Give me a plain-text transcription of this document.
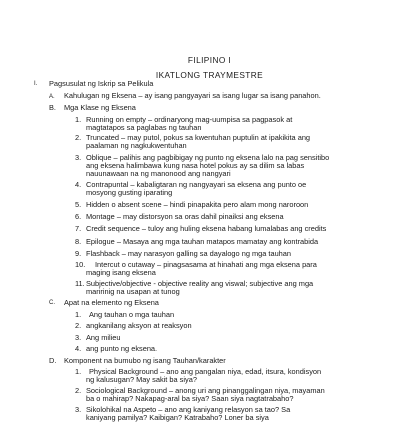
FILIPINO I
IKATLONG TRAYMESTRE
I. Pagsusulat ng Iskrip sa Pelikula
A. Kahulugan ng Eksena – ay isang pangyayari sa isang lugar sa isang panahon.
B. Mga Klase ng Eksena
1. Running on empty – ordinaryong mag-uumpisa sa pagpasok at
magtatapos sa paglabas ng tauhan
2. Truncated – may putol, pokus sa kwentuhan puptulin at ipakikita ang
paalaman ng nagkukwentuhan
3. Oblique – palihis ang pagbibigay ng punto ng eksena lalo na pag sensitibo
ang eksena halimbawa kung nasa hotel pokus ay sa dilim sa labas
nauunawaan na ng manonood ang nangyari
4. Contrapuntal – kabaligtaran ng nangyayari sa eksena ang punto oe
mosyong gusting iparating
5. Hidden o absent scene – hindi pinapakita pero alam mong naroroon
6. Montage – may distorsyon sa oras dahil pinaiksi ang eksena
7. Credit sequence – tuloy ang huling eksena habang lumalabas ang credits
8. Epilogue – Masaya ang mga tauhan matapos mamatay ang kontrabida
9. Flashback – may narasyon galling sa dayalogo ng mga tauhan
10. Intercut o cutaway – pinagsasama at hinahati ang mga eksena para
maging isang eksena
11. Subjective/objective - objective reality ang viswal; subjective ang mga
maririnig na usapan at tunog
C. Apat na elemento ng Eksena
1. Ang tauhan o mga tauhan
2. angkanilang aksyon at reaksyon
3. Ang milieu
4. ang punto ng eksena.
D. Komponent na bumubo ng isang Tauhan/karakter
1. Physical Background – ano ang pangalan niya, edad, itsura, kondisyon
ng kalusugan? May sakit ba siya?
2. Sociological Background – anong uri ang pinanggalingan niya, mayaman
ba o mahirap? Nakapag-aral ba siya? Saan siya nagtatrabaho?
3. Sikolohikal na Aspeto – ano ang kaniyang relasyon sa tao? Sa
kaniyang pamilya? Kaibigan? Katrabaho? Loner ba siya
